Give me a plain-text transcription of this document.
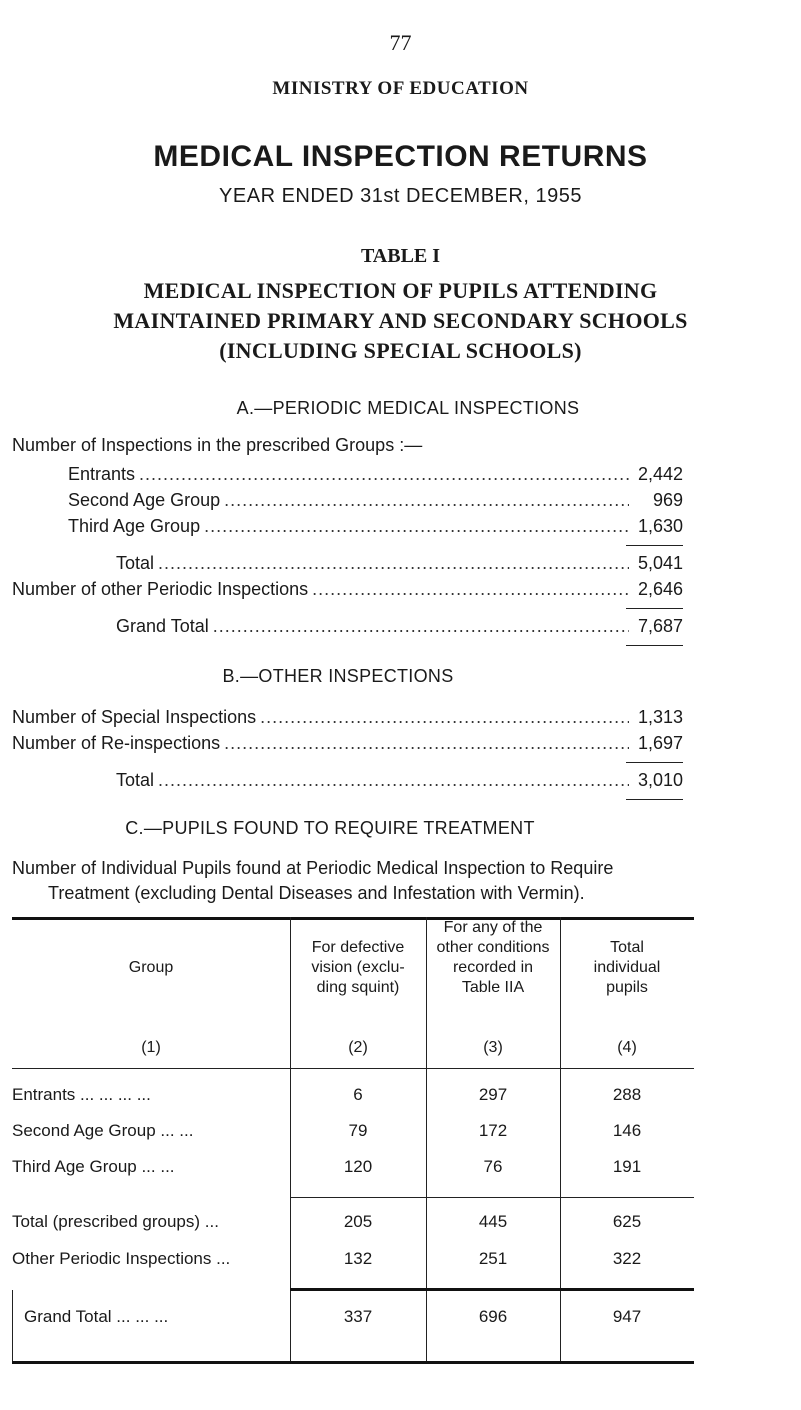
77
MINISTRY OF EDUCATION
MEDICAL INSPECTION RETURNS
YEAR ENDED 31st DECEMBER, 1955
TABLE I
MEDICAL INSPECTION OF PUPILS ATTENDING
MAINTAINED PRIMARY AND SECONDARY SCHOOLS
(INCLUDING SPECIAL SCHOOLS)
A.—PERIODIC MEDICAL INSPECTIONS
Number of Inspections in the prescribed Groups :—
Entrants .....	2,442
Second Age Group .....	969
Third Age Group .....	1,630
Total .....	5,041
Number of other Periodic Inspections .....	2,646
Grand Total .....	7,687
B.—OTHER INSPECTIONS
Number of Special Inspections .....	1,313
Number of Re-inspections .....	1,697
Total .....	3,010
C.—PUPILS FOUND TO REQUIRE TREATMENT
Number of Individual Pupils found at Periodic Medical Inspection to Require
Treatment (excluding Dental Diseases and Infestation with Vermin).
Group
(1)
For defective
vision (exclu-
ding squint)
(2)
For any of the
other conditions
recorded in
Table IIA
(3)
Total
individual
pupils
(4)
Entrants ... ... ... ...	6	297	288
Second Age Group ... ...	79	172	146
Third Age Group ... ...	120	76	191
Total (prescribed groups) ...	205	445	625
Other Periodic Inspections ...	132	251	322
Grand Total ... ... ...	337	696	947
